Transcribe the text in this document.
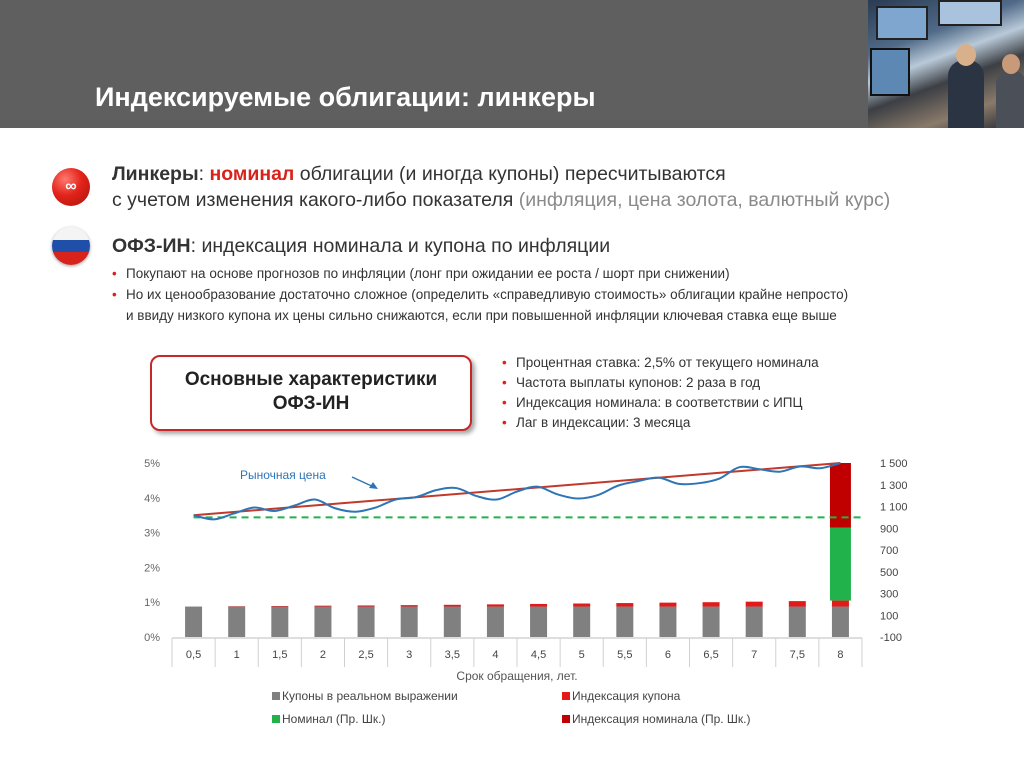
Индексируемые облигации: линкеры
∞
Линкеры: номинал облигации (и иногда купоны) пересчитываются
с учетом изменения какого-либо показателя (инфляция, цена золота, валютный курс)
ОФЗ-ИН: индексация номинала и купона по инфляции
• Покупают на основе прогнозов по инфляции (лонг при ожидании ее роста / шорт при снижении)
• Но их ценообразование достаточно сложное (определить «справедливую стоимость» облигации крайне непросто)
и ввиду низкого купона их цены сильно снижаются, если при повышенной инфляции ключевая ставка еще выше
Основные характеристики
ОФЗ-ИН
• Процентная ставка: 2,5% от текущего номинала
• Частота выплаты купонов: 2 раза в год
• Индексация номинала: в соответствии с ИПЦ
• Лаг в индексации: 3 месяца
0%
1%
2%
3%
4%
5%
-100
100
300
500
700
900
1 100
1 300
1 500
0,5	1	1,5	2	2,5	3	3,5	4	4,5	5	5,5	6	6,5	7	7,5	8
Срок обращения, лет.
Рыночная цена
Купоны в реальном выражении	Индексация купона
Номинал (Пр. Шк.)	Индексация номинала (Пр. Шк.)
